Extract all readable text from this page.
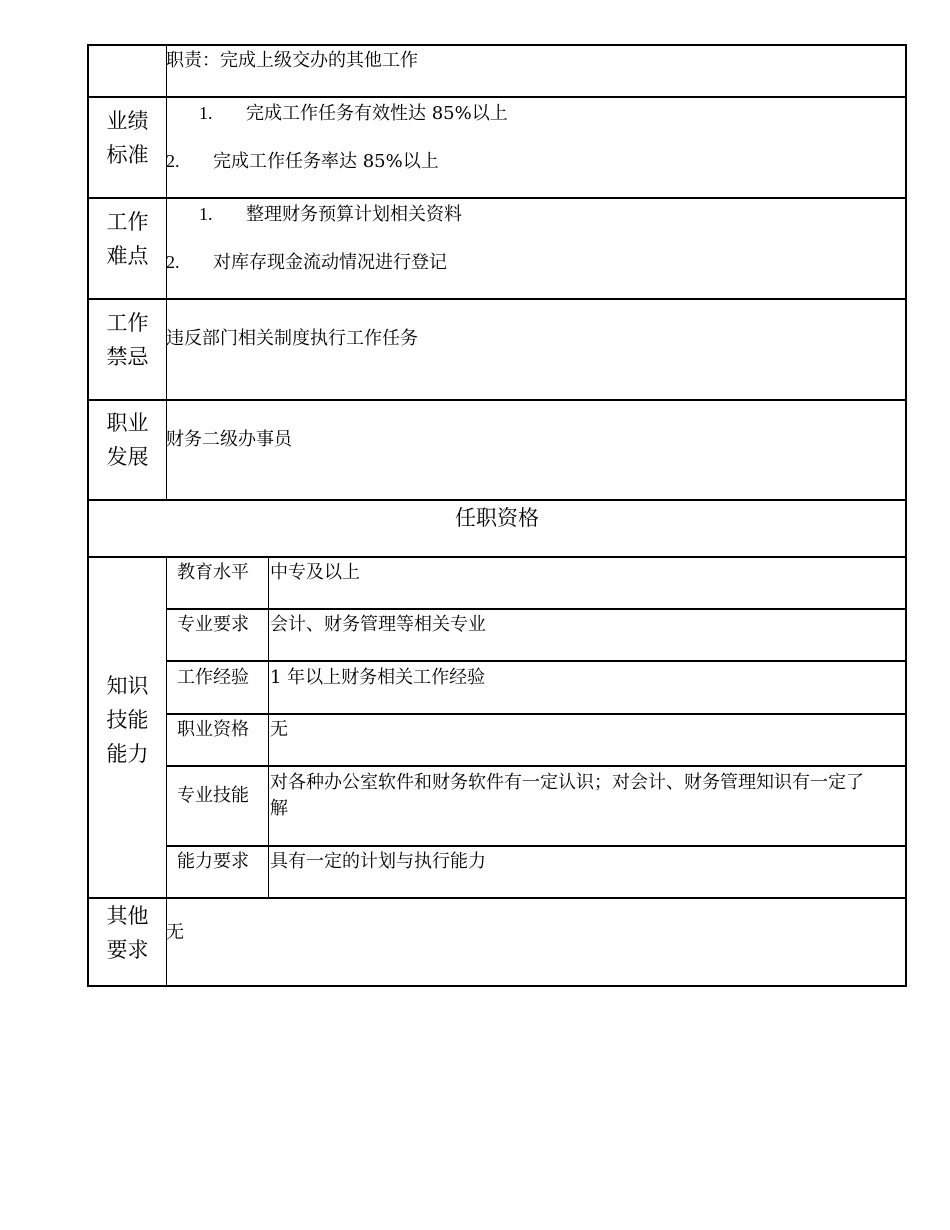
职责：完成上级交办的其他工作
业绩
标准
1. 完成工作任务有效性达 85%以上
2. 完成工作任务率达 85%以上
工作
难点
1. 整理财务预算计划相关资料
2. 对库存现金流动情况进行登记
工作
禁忌
违反部门相关制度执行工作任务
职业
发展
财务二级办事员
任职资格
知识
技能
能力
教育水平 中专及以上
专业要求 会计、财务管理等相关专业
工作经验 1 年以上财务相关工作经验
职业资格 无
专业技能
对各种办公室软件和财务软件有一定认识；对会计、财务管理知识有一定了
解
能力要求 具有一定的计划与执行能力
其他
要求
无
